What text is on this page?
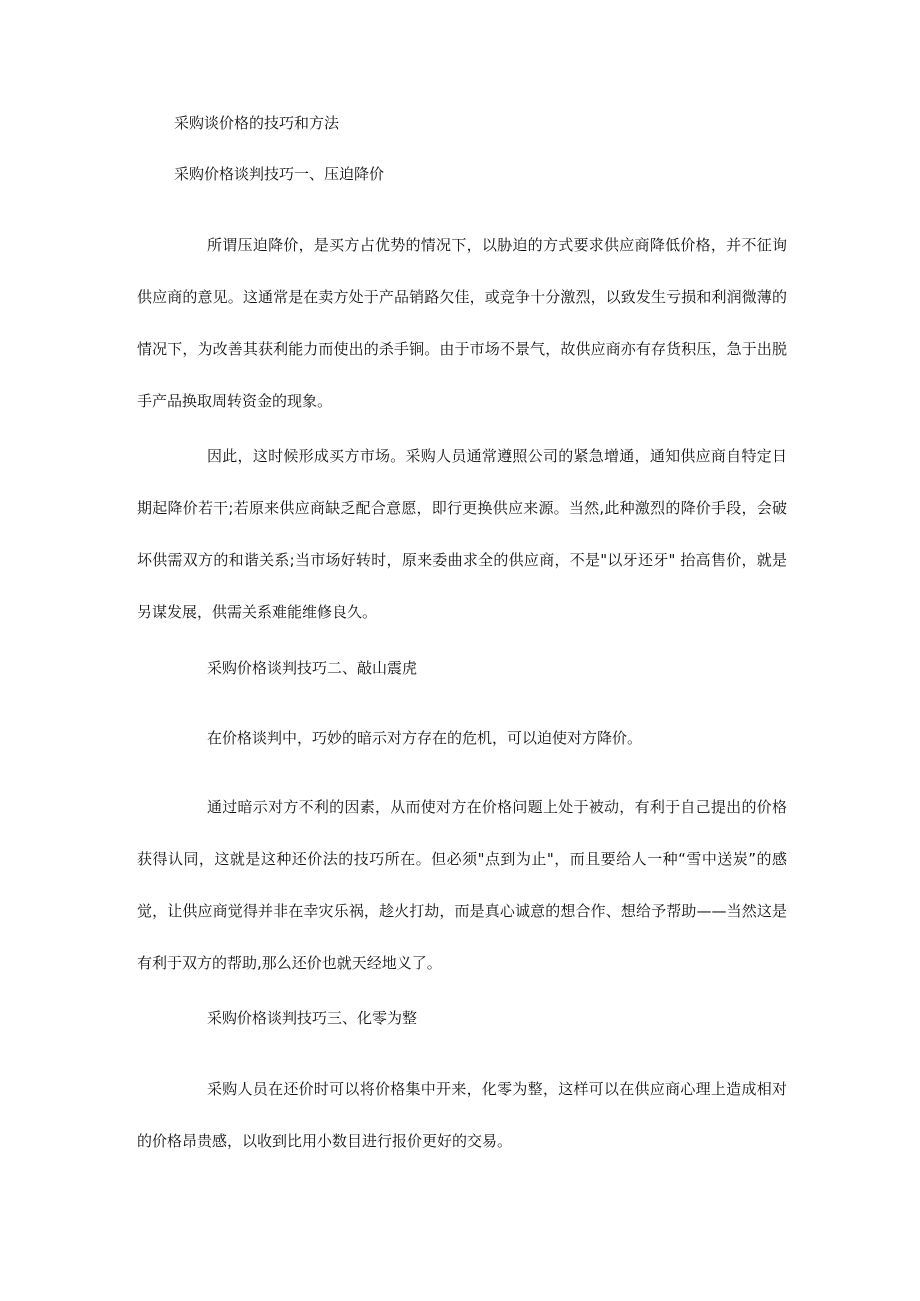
采购谈价格的技巧和方法
采购价格谈判技巧一、压迫降价

所谓压迫降价，是买方占优势的情况下，以胁迫的方式要求供应商降低价格，并不征询供应商的意见。这通常是在卖方处于产品销路欠佳，或竞争十分激烈，以致发生亏损和利润微薄的情况下，为改善其获利能力而使出的杀手锏。由于市场不景气，故供应商亦有存货积压，急于出脱手产品换取周转资金的现象。

因此，这时候形成买方市场。采购人员通常遵照公司的紧急增通，通知供应商自特定日期起降价若干;若原来供应商缺乏配合意愿，即行更换供应来源。当然,此种激烈的降价手段，会破坏供需双方的和谐关系;当市场好转时，原来委曲求全的供应商，不是"以牙还牙" 抬高售价，就是另谋发展，供需关系难能维修良久。

采购价格谈判技巧二、敲山震虎

在价格谈判中，巧妙的暗示对方存在的危机，可以迫使对方降价。

通过暗示对方不利的因素，从而使对方在价格问题上处于被动，有利于自己提出的价格获得认同，这就是这种还价法的技巧所在。但必须"点到为止"，而且要给人一种“雪中送炭”的感觉，让供应商觉得并非在幸灾乐祸，趁火打劫，而是真心诚意的想合作、想给予帮助——当然这是有利于双方的帮助,那么还价也就天经地义了。

采购价格谈判技巧三、化零为整

采购人员在还价时可以将价格集中开来，化零为整，这样可以在供应商心理上造成相对的价格昂贵感，以收到比用小数目进行报价更好的交易。
